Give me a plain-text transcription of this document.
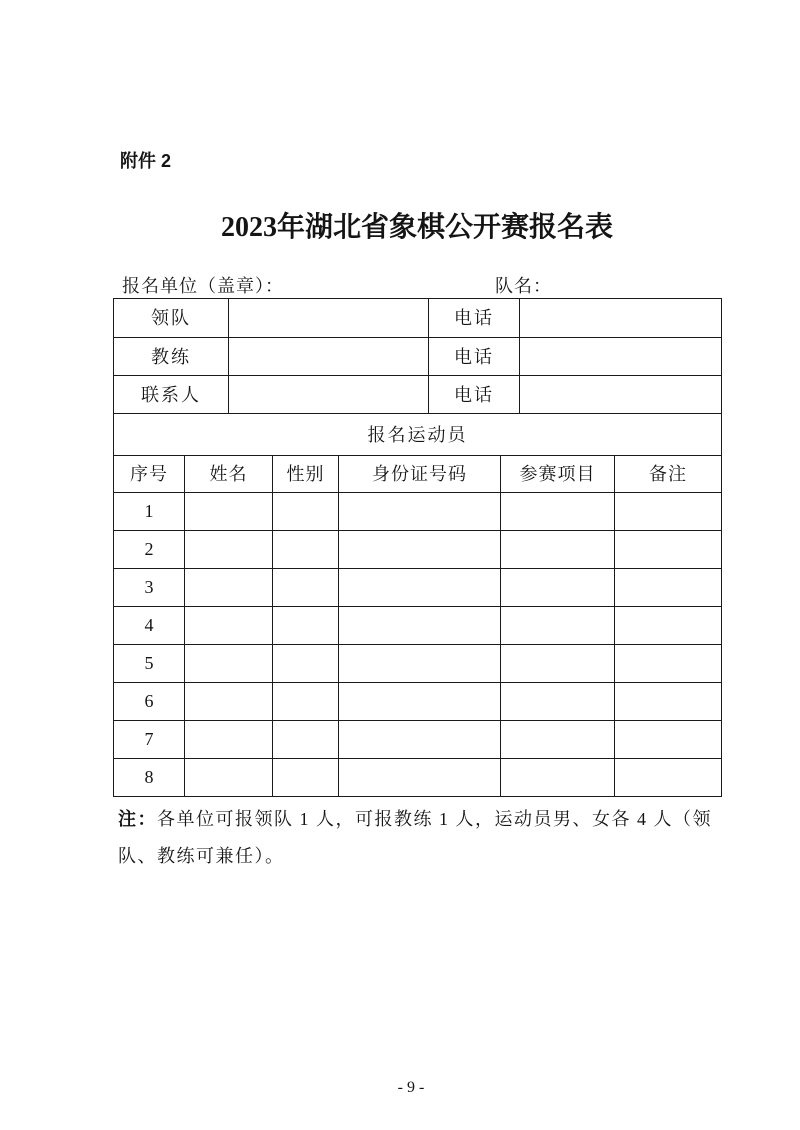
附件 2
2023年湖北省象棋公开赛报名表
报名单位（盖章）：	队名：
领队		电话	
教练		电话	
联系人		电话	
报名运动员			
序号	姓名	性别	身份证号码	参赛项目	备注
1					
2					
3					
4					
5					
6					
7					
8					
注：各单位可报领队 1 人，可报教练 1 人，运动员男、女各 4 人（领
队、教练可兼任）。
- 9 -
